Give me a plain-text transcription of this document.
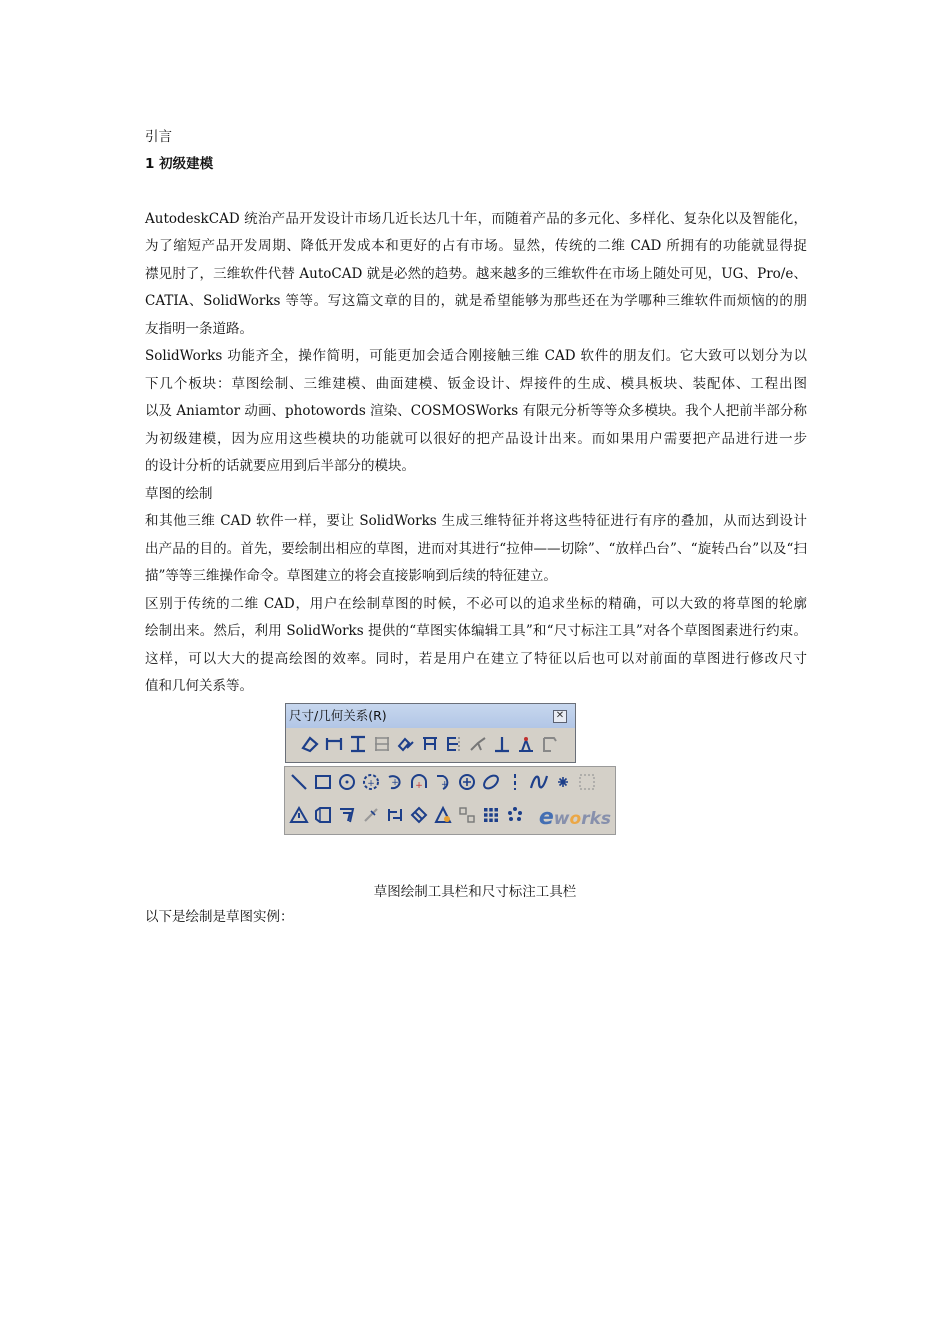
引言
1 初级建模
AutodeskCAD 统治产品开发设计市场几近长达几十年，而随着产品的多元化、多样化、复杂化以及智能化，
为了缩短产品开发周期、降低开发成本和更好的占有市场。显然，传统的二维 CAD 所拥有的功能就显得捉
襟见肘了，三维软件代替 AutoCAD 就是必然的趋势。越来越多的三维软件在市场上随处可见，UG、Pro/e、
CATIA、SolidWorks 等等。写这篇文章的目的，就是希望能够为那些还在为学哪种三维软件而烦恼的的朋
友指明一条道路。
SolidWorks 功能齐全，操作简明，可能更加会适合刚接触三维 CAD 软件的朋友们。它大致可以划分为以
下几个板块：草图绘制、三维建模、曲面建模、钣金设计、焊接件的生成、模具板块、装配体、工程出图
以及 Aniamtor 动画、photowords 渲染、COSMOSWorks 有限元分析等等众多模块。我个人把前半部分称
为初级建模，因为应用这些模块的功能就可以很好的把产品设计出来。而如果用户需要把产品进行进一步
的设计分析的话就要应用到后半部分的模块。
草图的绘制
和其他三维 CAD 软件一样，要让 SolidWorks 生成三维特征并将这些特征进行有序的叠加，从而达到设计
出产品的目的。首先，要绘制出相应的草图，进而对其进行“拉伸——切除”、“放样凸台”、“旋转凸台”以及“扫
描”等等三维操作命令。草图建立的将会直接影响到后续的特征建立。
区别于传统的二维 CAD，用户在绘制草图的时候，不必可以的追求坐标的精确，可以大致的将草图的轮廓
绘制出来。然后，利用 SolidWorks 提供的“草图实体编辑工具”和“尺寸标注工具”对各个草图图素进行约束。
这样，可以大大的提高绘图的效率。同时，若是用户在建立了特征以后也可以对前面的草图进行修改尺寸
值和几何关系等。
尺寸/几何关系(R)	✕
+ + + +
eworks
草图绘制工具栏和尺寸标注工具栏
以下是绘制是草图实例：
